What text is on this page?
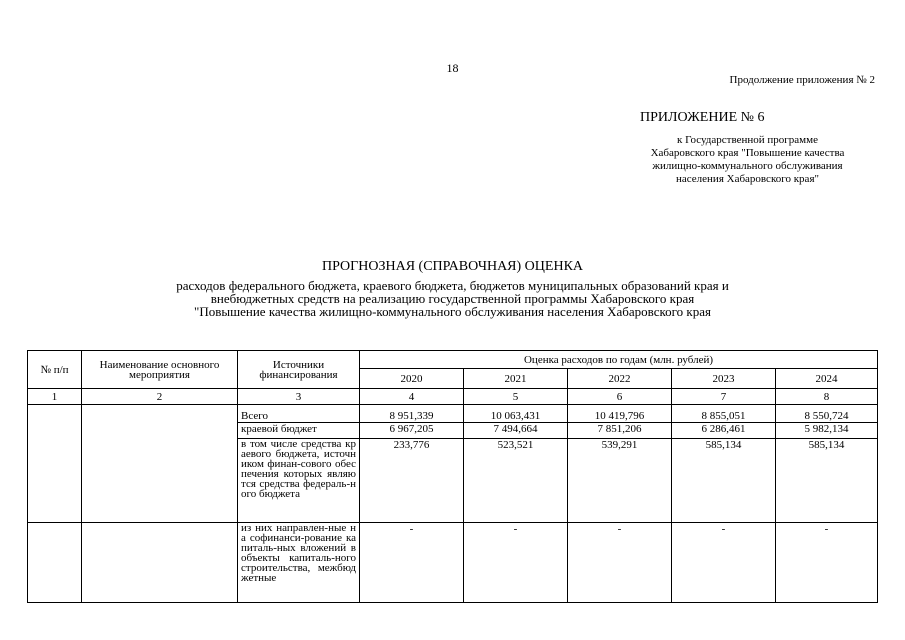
18
Продолжение приложения № 2
ПРИЛОЖЕНИЕ № 6
к Государственной программе
Хабаровского края "Повышение качества
жилищно-коммунального обслуживания
населения Хабаровского края"
ПРОГНОЗНАЯ (СПРАВОЧНАЯ) ОЦЕНКА
расходов федерального бюджета, краевого бюджета, бюджетов муниципальных образований края и
внебюджетных средств на реализацию государственной программы Хабаровского края
"Повышение качества жилищно-коммунального обслуживания населения Хабаровского края
№ п/п	Наименование основного мероприятия	Источники финансирования	Оценка расходов по годам (млн. рублей)				
			2020	2021	2022	2023	2024
1	2	3	4	5	6	7	8
		Всего	8 951,339	10 063,431	10 419,796	8 855,051	8 550,724
		краевой бюджет	6 967,205	7 494,664	7 851,206	6 286,461	5 982,134
		в том числе средства краевого бюджета, источником финан-сового обеспечения которых являются средства федераль-ного бюджета	233,776	523,521	539,291	585,134	585,134
		из них направлен-ные на софинанси-рование капиталь-ных вложений в объекты капиталь-ного строительства, межбюджетные	-	-	-	-	-
